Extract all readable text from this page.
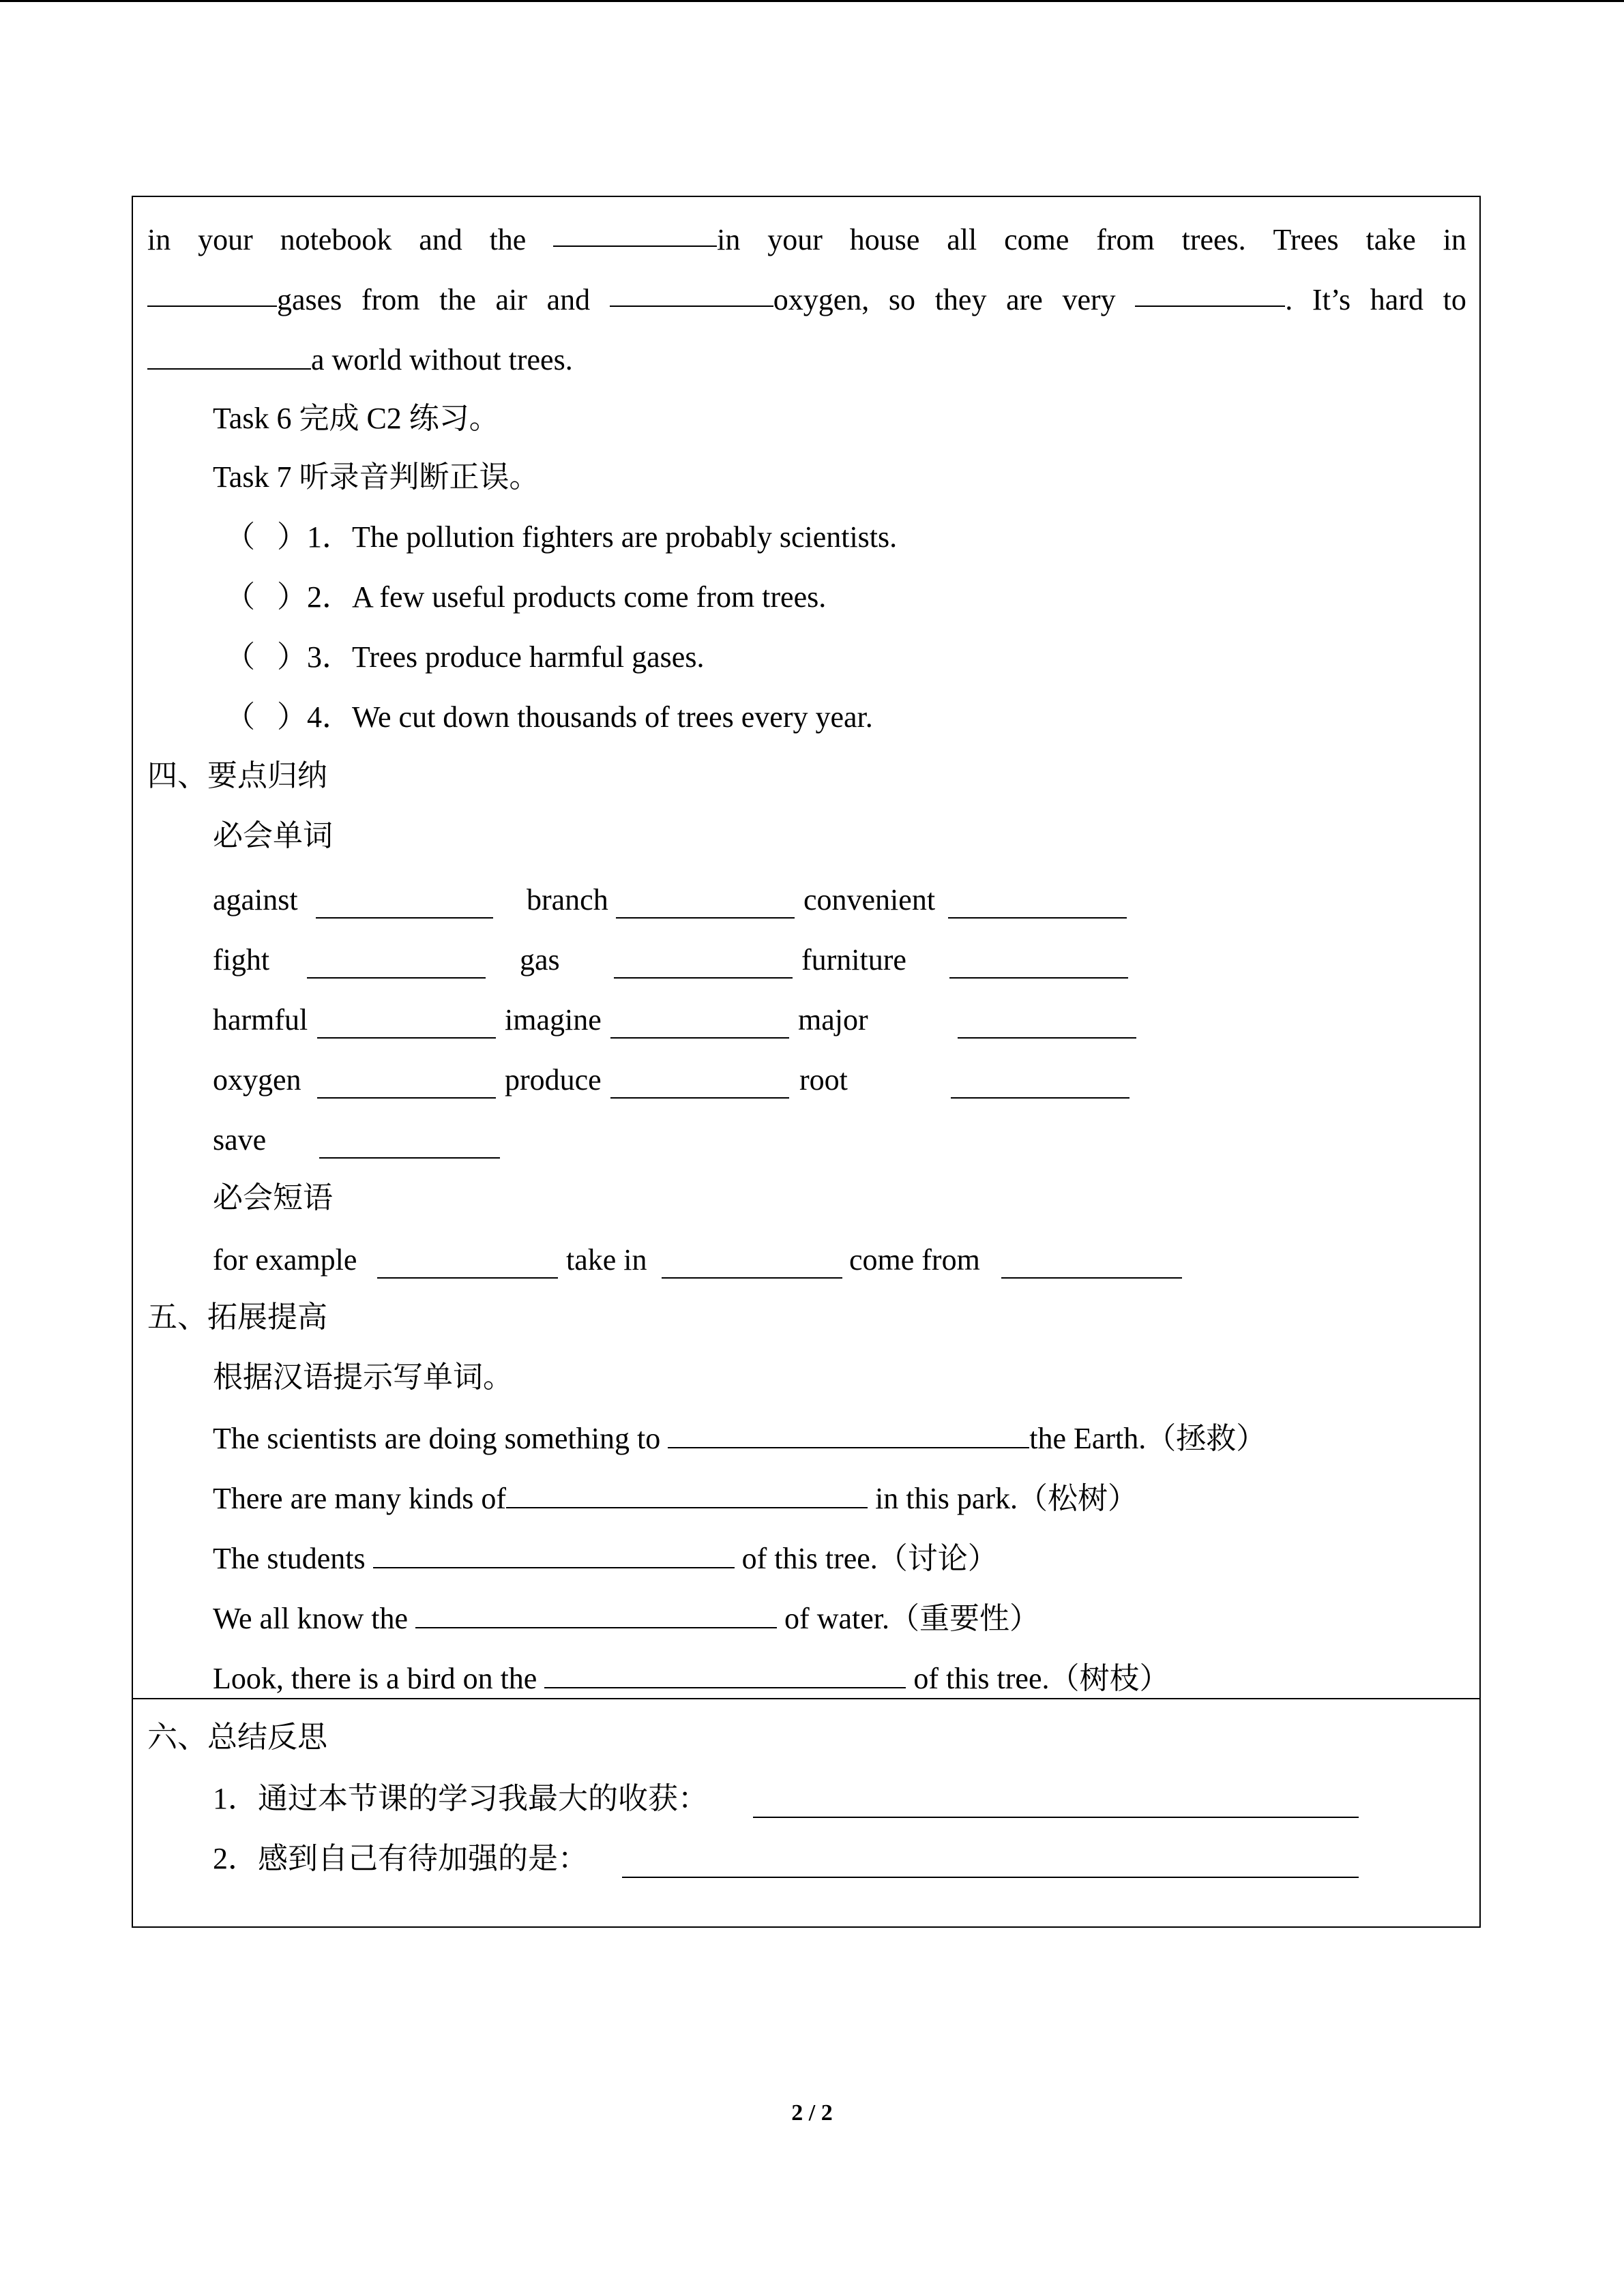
in your notebook and the	in your house all come from trees. Trees take in
gases from the air and	oxygen, so they are very	. It’s hard to
a world without trees.
Task 6 完成 C2 练习。
Task 7 听录音判断正误。
（ ） 1．The pollution fighters are probably scientists.
（ ） 2．A few useful products come from trees.
（ ） 3．Trees produce harmful gases.
（ ） 4．We cut down thousands of trees every year.
四、要点归纳
必会单词
against	branch	convenient
fight	gas	furniture
harmful	imagine	major
oxygen	produce	root
save
必会短语
for example	take in	come from
五、拓展提高
根据汉语提示写单词。
The scientists are doing something to	the Earth.（拯救）
There are many kinds of	in this park.（松树）
The students	of this tree.（讨论）
We all know the	of water.（重要性）
Look, there is a bird on the	of this tree.（树枝）
六、总结反思
1．通过本节课的学习我最大的收获：
2．感到自己有待加强的是：
2 / 2
